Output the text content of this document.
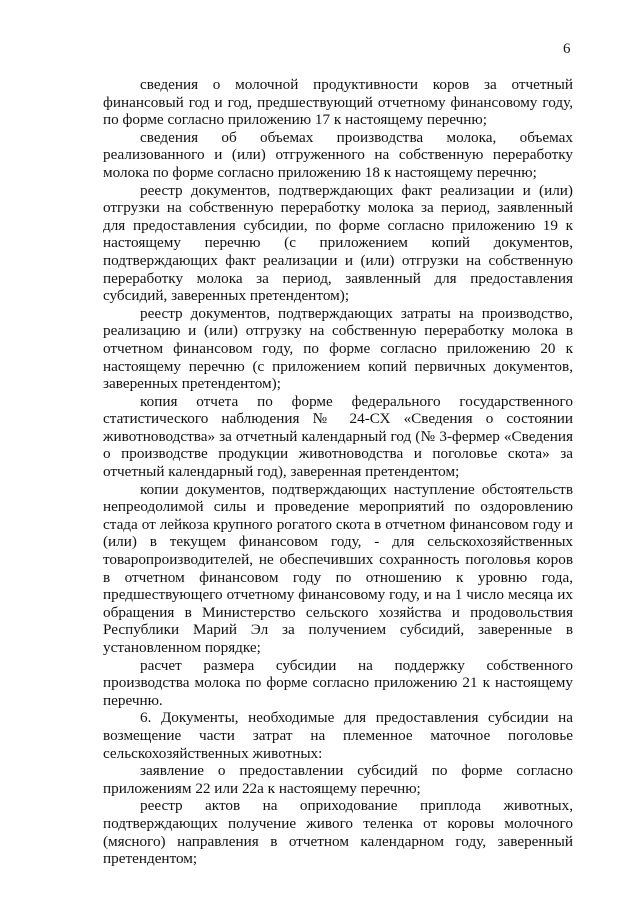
6

сведения о молочной продуктивности коров за отчетный финансовый год и год, предшествующий отчетному финансовому году, по форме согласно приложению 17 к настоящему перечню;

сведения об объемах производства молока, объемах реализованного и (или) отгруженного на собственную переработку молока по форме согласно приложению 18 к настоящему перечню;

реестр документов, подтверждающих факт реализации и (или) отгрузки на собственную переработку молока за период, заявленный для предоставления субсидии, по форме согласно приложению 19 к настоящему перечню (с приложением копий документов, подтверждающих факт реализации и (или) отгрузки на собственную переработку молока за период, заявленный для предоставления субсидий, заверенных претендентом);

реестр документов, подтверждающих затраты на производство, реализацию и (или) отгрузку на собственную переработку молока в отчетном финансовом году, по форме согласно приложению 20 к настоящему перечню (с приложением копий первичных документов, заверенных претендентом);

копия отчета по форме федерального государственного статистического наблюдения № 24-СХ «Сведения о состоянии животноводства» за отчетный календарный год (№ 3-фермер «Сведения о производстве продукции животноводства и поголовье скота» за отчетный календарный год), заверенная претендентом;

копии документов, подтверждающих наступление обстоятельств непреодолимой силы и проведение мероприятий по оздоровлению стада от лейкоза крупного рогатого скота в отчетном финансовом году и (или) в текущем финансовом году, - для сельскохозяйственных товаропроизводителей, не обеспечивших сохранность поголовья коров в отчетном финансовом году по отношению к уровню года, предшествующего отчетному финансовому году, и на 1 число месяца их обращения в Министерство сельского хозяйства и продовольствия Республики Марий Эл за получением субсидий, заверенные в установленном порядке;

расчет размера субсидии на поддержку собственного производства молока по форме согласно приложению 21 к настоящему перечню.

6. Документы, необходимые для предоставления субсидии на возмещение части затрат на племенное маточное поголовье сельскохозяйственных животных:

заявление о предоставлении субсидий по форме согласно приложениям 22 или 22а к настоящему перечню;

реестр актов на оприходование приплода животных, подтверждающих получение живого теленка от коровы молочного (мясного) направления в отчетном календарном году, заверенный претендентом;
